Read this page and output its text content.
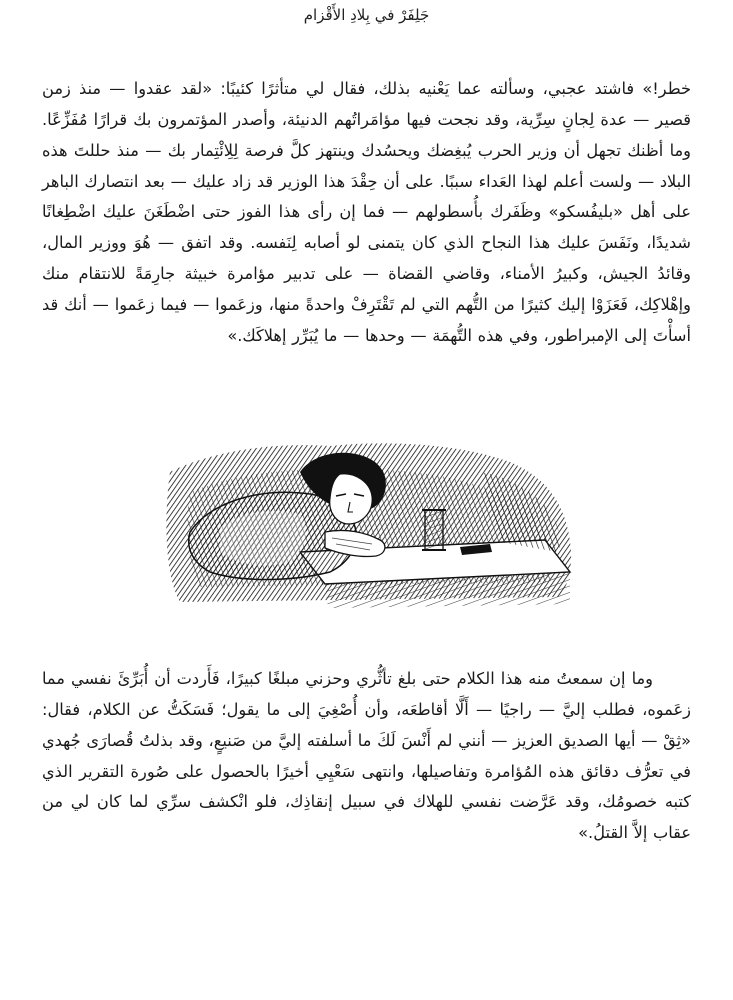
جَلِفَرْ في بِلادِ الأَقْزام

خطر!» فاشتد عجبي، وسألته عما يَعْنيه بذلك، فقال لي متأثرًا كئيبًا: «لقد عقدوا — منذ زمن قصير — عدة لِجانٍ سِرِّية، وقد نجحت فيها مؤامَراتُهم الدنيئة، وأصدر المؤتمرون بك قرارًا مُفَزِّعًا. وما أظنك تجهل أن وزير الحرب يُبغِضك ويحسُدك وينتهز كلَّ فرصة لِلِائْتِمار بك — منذ حللتَ هذه البلاد — ولست أعلم لهذا العَداء سببًا. على أن حِقْدَ هذا الوزير قد زاد عليك — بعد انتصارك الباهر على أهل «بليفُسكو» وظَفَرك بأُسطولهم — فما إن رأى هذا الفوز حتى اضْطَغَنَ عليك اضْطِغانًا شديدًا، ونَفَسَ عليك هذا النجاح الذي كان يتمنى لو أصابه لِنَفسه. وقد اتفق — هُوَ ووزير المال، وقائدُ الجيش، وكبيرُ الأمناء، وقاضي القضاة — على تدبير مؤامرة خبيثة جارِمَةً للانتقام منك وإهْلاكِك، فَعَزَوْا إليك كثيرًا من التُّهم التي لم تَقْتَرِفْ واحدةً منها، وزعَموا — فيما زعَموا — أنك قد أسأْتَ إلى الإمبراطور، وفي هذه التُّهمَة — وحدها — ما يُبَرِّر إهلاكَك.»

وما إن سمعتُ منه هذا الكلام حتى بلغ تأثُّري وحزني مبلغًا كبيرًا، فَأَردت أن أُبَرِّئَ نفسي مما زعَموه، فطلب إليَّ — راجيًا — أَلَّا أقاطعَه، وأن أُصْغِيَ إلى ما يقول؛ فَسَكَتُّ عن الكلام، فقال: «ثِقْ — أيها الصديق العزيز — أنني لم أَنْسَ لَكَ ما أسلفته إليَّ من صَنيعٍ، وقد بذلتُ قُصارَى جُهدي في تعرُّف دقائق هذه المُؤامرة وتفاصيلها، وانتهى سَعْيِي أخيرًا بالحصول على صُورة التقرير الذي كتبه خصومُك، وقد عَرَّضت نفسي للهلاك في سبيل إنقاذِك، فلو انْكشف سرِّي لما كان لي من عقاب إلاَّ القتلُ.»
